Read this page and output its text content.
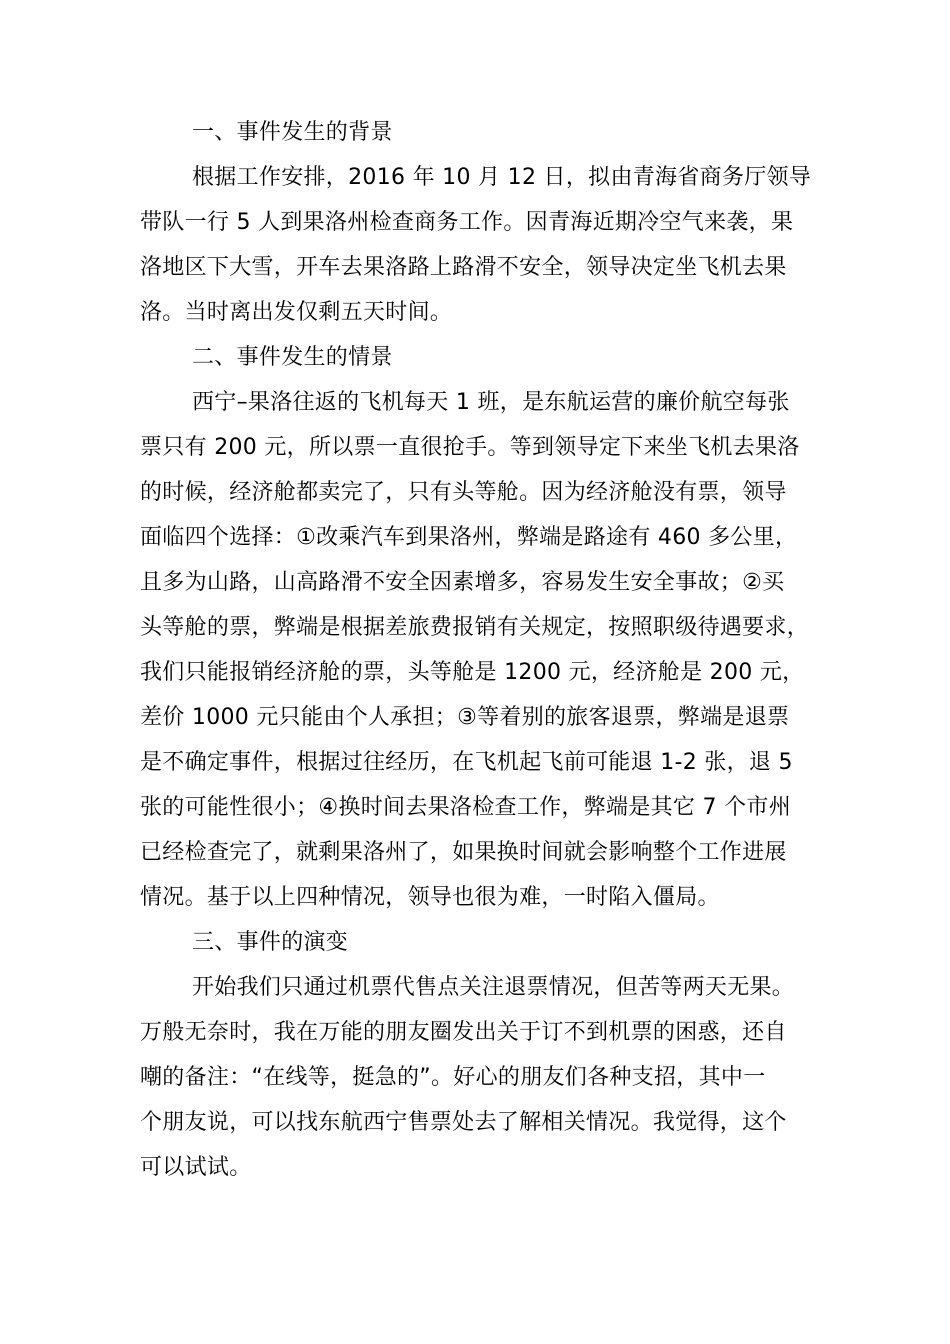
一、事件发生的背景
根据工作安排，2016 年 10 月 12 日，拟由青海省商务厅领导
带队一行 5 人到果洛州检查商务工作。因青海近期冷空气来袭，果
洛地区下大雪，开车去果洛路上路滑不安全，领导决定坐飞机去果
洛。当时离出发仅剩五天时间。
二、事件发生的情景
西宁–果洛往返的飞机每天 1 班，是东航运营的廉价航空每张
票只有 200 元，所以票一直很抢手。等到领导定下来坐飞机去果洛
的时候，经济舱都卖完了，只有头等舱。因为经济舱没有票，领导
面临四个选择：①改乘汽车到果洛州，弊端是路途有 460 多公里，
且多为山路，山高路滑不安全因素增多，容易发生安全事故；②买
头等舱的票，弊端是根据差旅费报销有关规定，按照职级待遇要求，
我们只能报销经济舱的票，头等舱是 1200 元，经济舱是 200 元，
差价 1000 元只能由个人承担；③等着别的旅客退票，弊端是退票
是不确定事件，根据过往经历，在飞机起飞前可能退 1-2 张，退 5
张的可能性很小；④换时间去果洛检查工作，弊端是其它 7 个市州
已经检查完了，就剩果洛州了，如果换时间就会影响整个工作进展
情况。基于以上四种情况，领导也很为难，一时陷入僵局。
三、事件的演变
开始我们只通过机票代售点关注退票情况，但苦等两天无果。
万般无奈时，我在万能的朋友圈发出关于订不到机票的困惑，还自
嘲的备注：“在线等，挺急的”。好心的朋友们各种支招，其中一
个朋友说，可以找东航西宁售票处去了解相关情况。我觉得，这个
可以试试。
